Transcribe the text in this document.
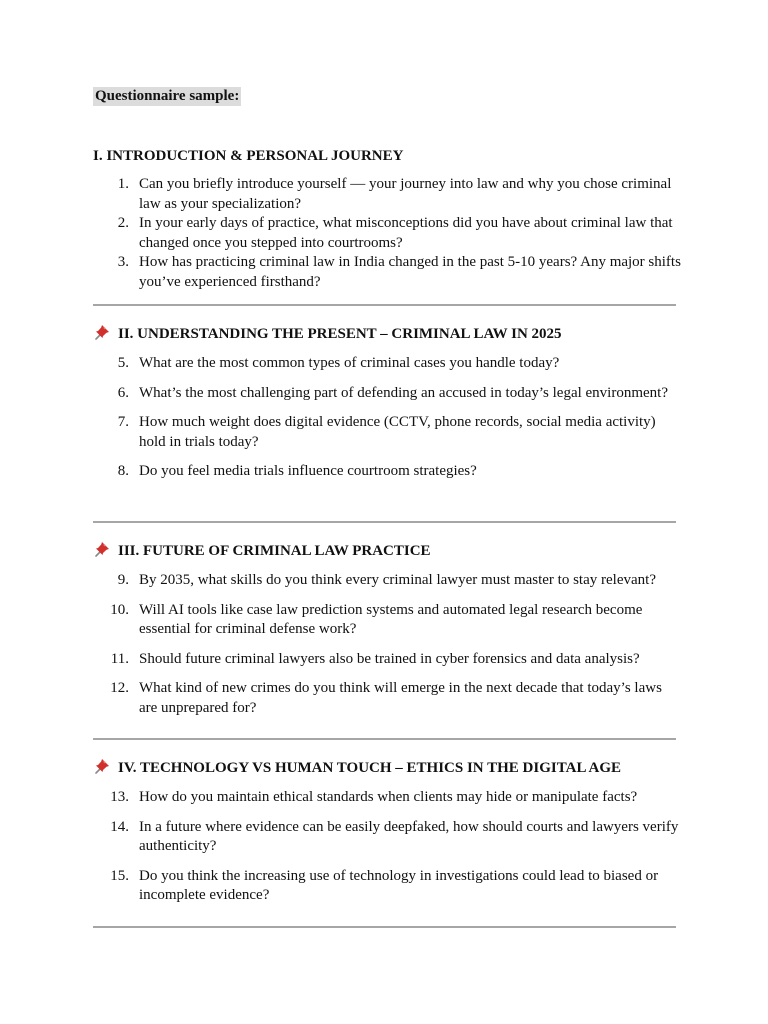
Questionnaire sample:
I. INTRODUCTION & PERSONAL JOURNEY
1. Can you briefly introduce yourself — your journey into law and why you chose criminal law as your specialization?
2. In your early days of practice, what misconceptions did you have about criminal law that changed once you stepped into courtrooms?
3. How has practicing criminal law in India changed in the past 5-10 years? Any major shifts you’ve experienced firsthand?
II. UNDERSTANDING THE PRESENT – CRIMINAL LAW IN 2025
5. What are the most common types of criminal cases you handle today?
6. What’s the most challenging part of defending an accused in today’s legal environment?
7. How much weight does digital evidence (CCTV, phone records, social media activity) hold in trials today?
8. Do you feel media trials influence courtroom strategies?
III. FUTURE OF CRIMINAL LAW PRACTICE
9. By 2035, what skills do you think every criminal lawyer must master to stay relevant?
10. Will AI tools like case law prediction systems and automated legal research become essential for criminal defense work?
11. Should future criminal lawyers also be trained in cyber forensics and data analysis?
12. What kind of new crimes do you think will emerge in the next decade that today’s laws are unprepared for?
IV. TECHNOLOGY VS HUMAN TOUCH – ETHICS IN THE DIGITAL AGE
13. How do you maintain ethical standards when clients may hide or manipulate facts?
14. In a future where evidence can be easily deepfaked, how should courts and lawyers verify authenticity?
15. Do you think the increasing use of technology in investigations could lead to biased or incomplete evidence?
